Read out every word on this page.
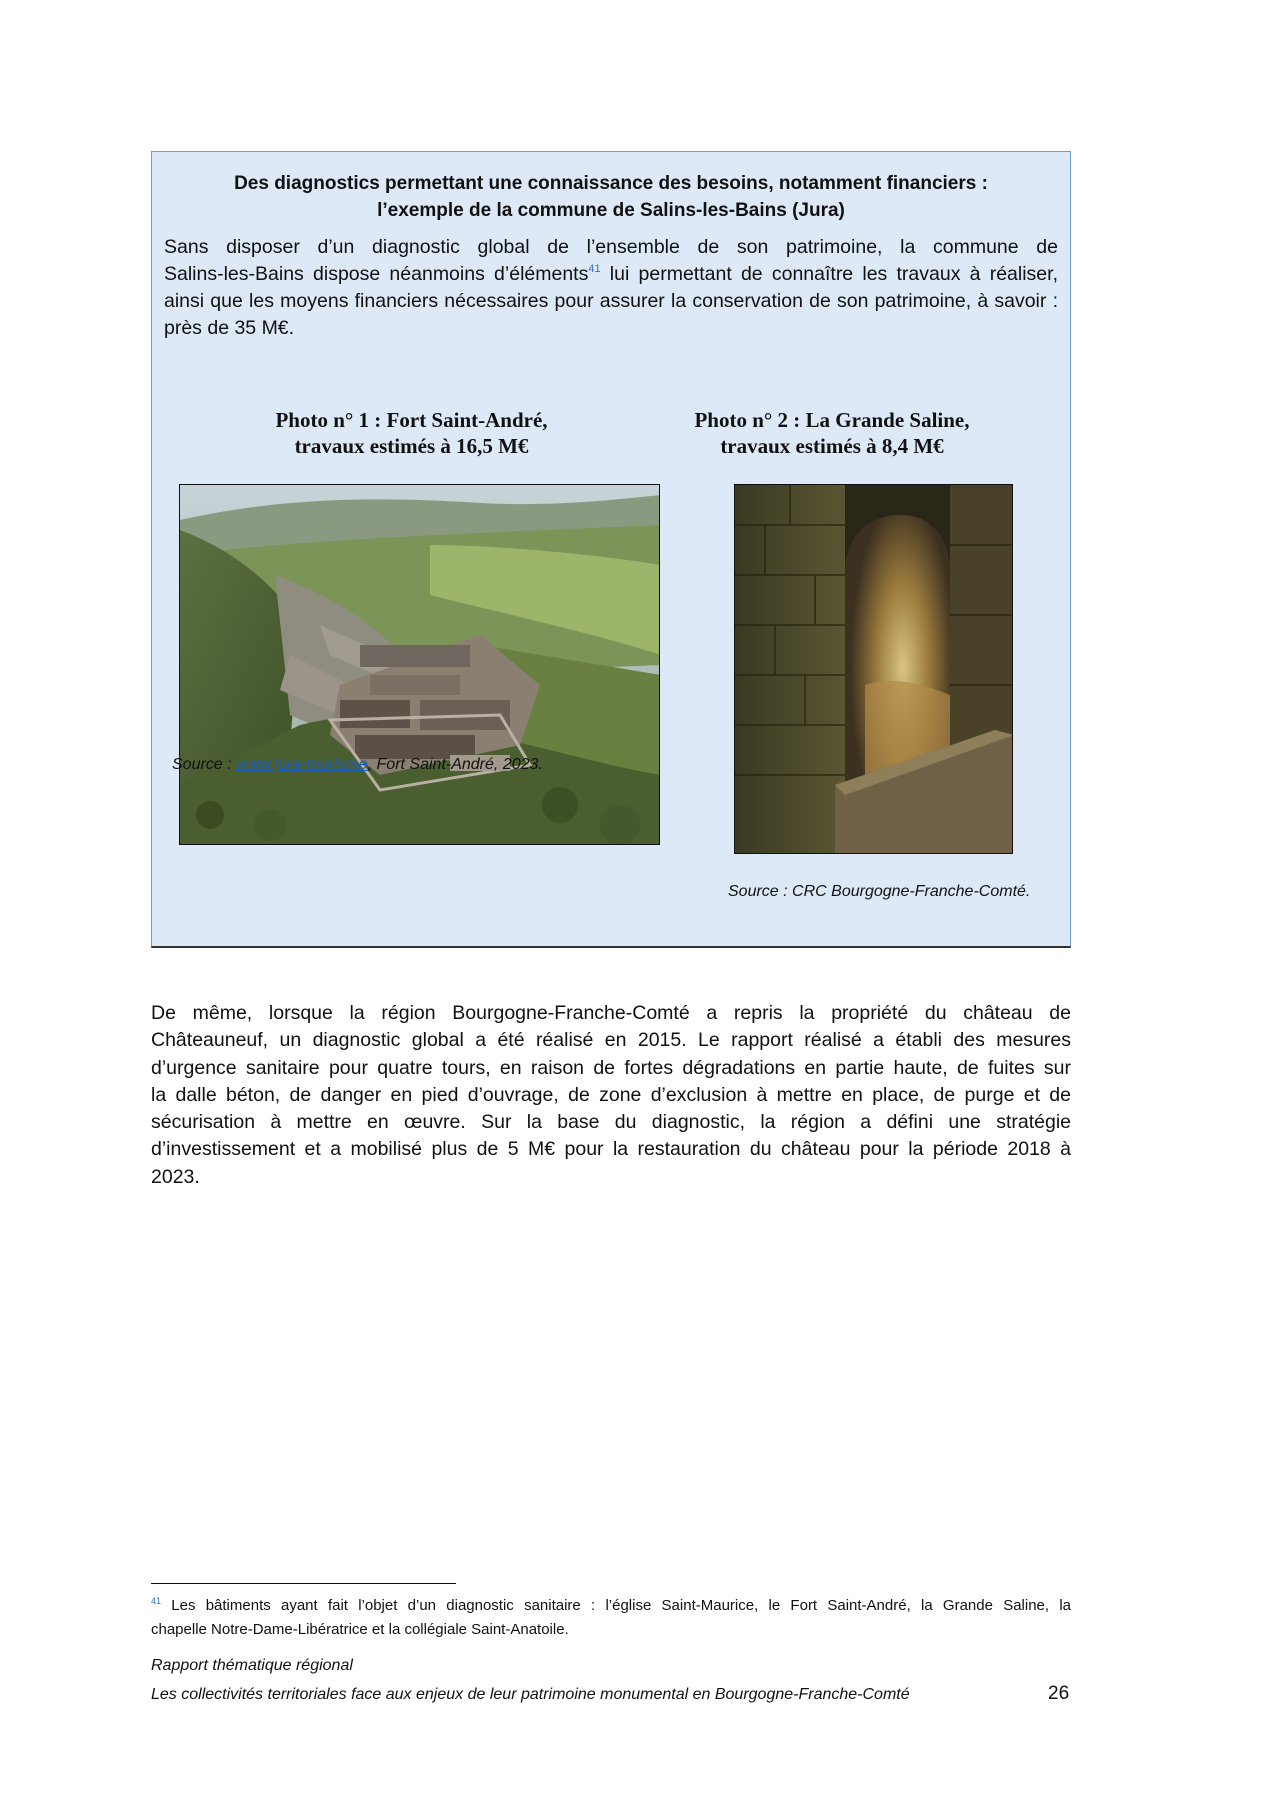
Des diagnostics permettant une connaissance des besoins, notamment financiers :
l’exemple de la commune de Salins-les-Bains (Jura)
Sans disposer d’un diagnostic global de l’ensemble de son patrimoine, la commune de
Salins-les-Bains dispose néanmoins d’éléments$^{41}$ lui permettant de connaître les travaux à réaliser,
ainsi que les moyens financiers nécessaires pour assurer la conservation de son patrimoine, à savoir :
près de 35 M€.
Photo n° 1 : Fort Saint-André,
travaux estimés à 16,5 M€
Photo n° 2 : La Grande Saline,
travaux estimés à 8,4 M€
Source : www.jura-tourisme, Fort Saint-André, 2023.
Source : CRC Bourgogne-Franche-Comté.
De même, lorsque la région Bourgogne-Franche-Comté a repris la propriété du château de
Châteauneuf, un diagnostic global a été réalisé en 2015. Le rapport réalisé a établi des mesures
d’urgence sanitaire pour quatre tours, en raison de fortes dégradations en partie haute, de fuites sur
la dalle béton, de danger en pied d’ouvrage, de zone d’exclusion à mettre en place, de purge et de
sécurisation à mettre en œuvre. Sur la base du diagnostic, la région a défini une stratégie
d’investissement et a mobilisé plus de 5 M€ pour la restauration du château pour la période 2018 à
2023.
$^{41}$ Les bâtiments ayant fait l’objet d’un diagnostic sanitaire : l’église Saint-Maurice, le Fort Saint-André, la Grande Saline, la
chapelle Notre-Dame-Libératrice et la collégiale Saint-Anatoile.
Rapport thématique régional
Les collectivités territoriales face aux enjeux de leur patrimoine monumental en Bourgogne-Franche-Comté	26
